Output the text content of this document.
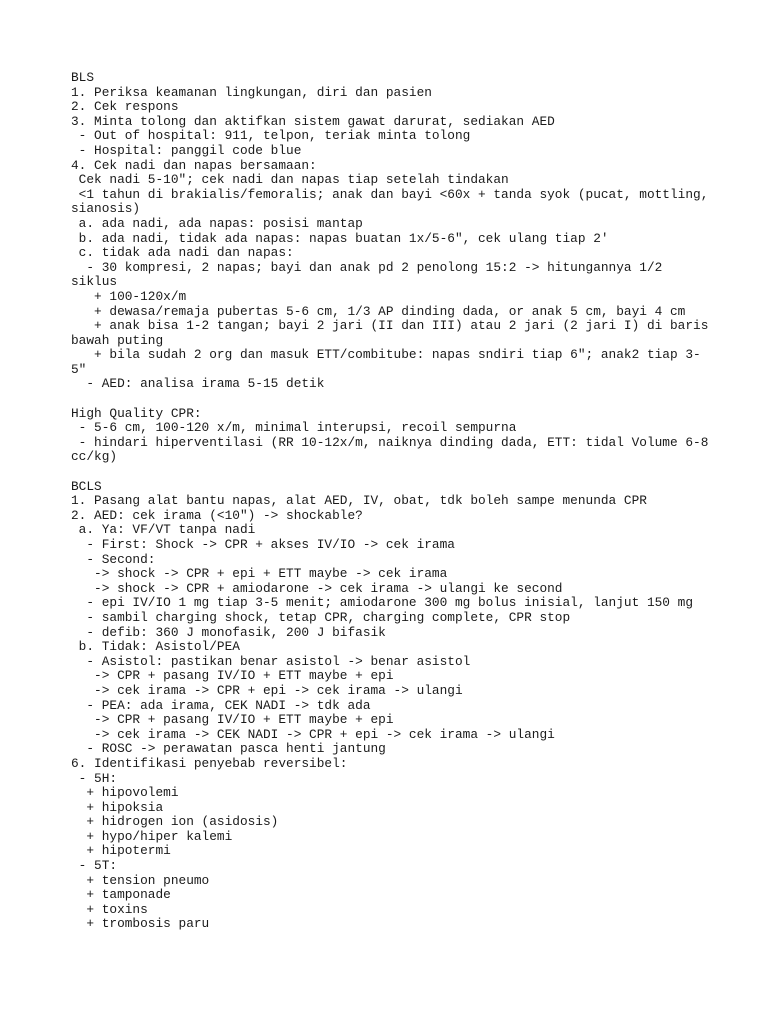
BLS
1. Periksa keamanan lingkungan, diri dan pasien
2. Cek respons
3. Minta tolong dan aktifkan sistem gawat darurat, sediakan AED
- Out of hospital: 911, telpon, teriak minta tolong
- Hospital: panggil code blue
4. Cek nadi dan napas bersamaan:
Cek nadi 5-10"; cek nadi dan napas tiap setelah tindakan
<1 tahun di brakialis/femoralis; anak dan bayi <60x + tanda syok (pucat, mottling,
sianosis)
a. ada nadi, ada napas: posisi mantap
b. ada nadi, tidak ada napas: napas buatan 1x/5-6", cek ulang tiap 2'
c. tidak ada nadi dan napas:
- 30 kompresi, 2 napas; bayi dan anak pd 2 penolong 15:2 -> hitungannya 1/2
siklus
+ 100-120x/m
+ dewasa/remaja pubertas 5-6 cm, 1/3 AP dinding dada, or anak 5 cm, bayi 4 cm
+ anak bisa 1-2 tangan; bayi 2 jari (II dan III) atau 2 jari (2 jari I) di baris
bawah puting
+ bila sudah 2 org dan masuk ETT/combitube: napas sndiri tiap 6"; anak2 tiap 3-
5"
- AED: analisa irama 5-15 detik
High Quality CPR:
- 5-6 cm, 100-120 x/m, minimal interupsi, recoil sempurna
- hindari hiperventilasi (RR 10-12x/m, naiknya dinding dada, ETT: tidal Volume 6-8
cc/kg)
BCLS
1. Pasang alat bantu napas, alat AED, IV, obat, tdk boleh sampe menunda CPR
2. AED: cek irama (<10") -> shockable?
a. Ya: VF/VT tanpa nadi
- First: Shock -> CPR + akses IV/IO -> cek irama
- Second:
-> shock -> CPR + epi + ETT maybe -> cek irama
-> shock -> CPR + amiodarone -> cek irama -> ulangi ke second
- epi IV/IO 1 mg tiap 3-5 menit; amiodarone 300 mg bolus inisial, lanjut 150 mg
- sambil charging shock, tetap CPR, charging complete, CPR stop
- defib: 360 J monofasik, 200 J bifasik
b. Tidak: Asistol/PEA
- Asistol: pastikan benar asistol -> benar asistol
-> CPR + pasang IV/IO + ETT maybe + epi
-> cek irama -> CPR + epi -> cek irama -> ulangi
- PEA: ada irama, CEK NADI -> tdk ada
-> CPR + pasang IV/IO + ETT maybe + epi
-> cek irama -> CEK NADI -> CPR + epi -> cek irama -> ulangi
- ROSC -> perawatan pasca henti jantung
6. Identifikasi penyebab reversibel:
- 5H:
+ hipovolemi
+ hipoksia
+ hidrogen ion (asidosis)
+ hypo/hiper kalemi
+ hipotermi
- 5T:
+ tension pneumo
+ tamponade
+ toxins
+ trombosis paru
